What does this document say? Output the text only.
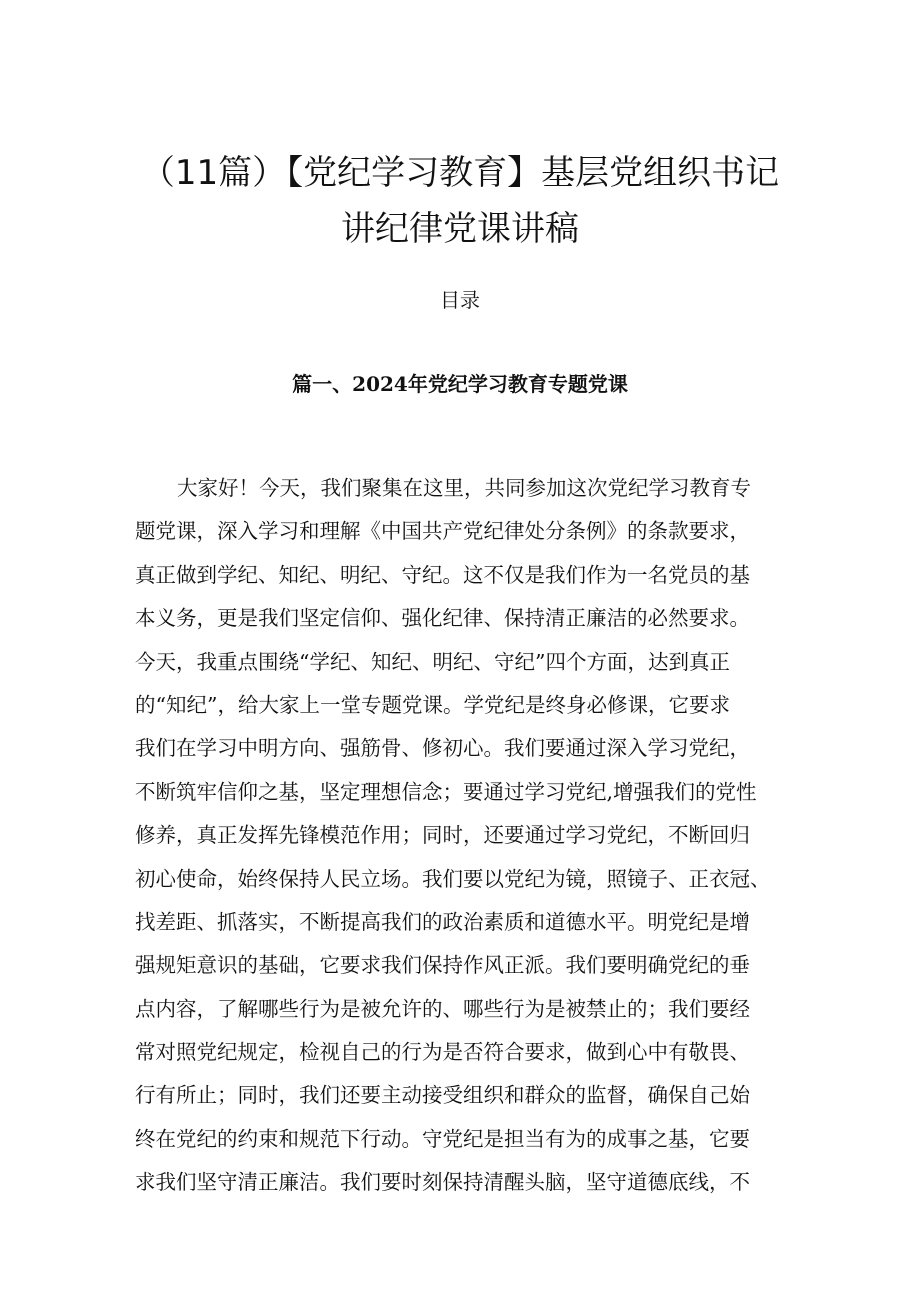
（11篇）【党纪学习教育】基层党组织书记
讲纪律党课讲稿
目录
篇一、2024年党纪学习教育专题党课
大家好！今天，我们聚集在这里，共同参加这次党纪学习教育专
题党课，深入学习和理解《中国共产党纪律处分条例》的条款要求，
真正做到学纪、知纪、明纪、守纪。这不仅是我们作为一名党员的基
本义务，更是我们坚定信仰、强化纪律、保持清正廉洁的必然要求。
今天，我重点围绕“学纪、知纪、明纪、守纪”四个方面，达到真正
的“知纪”，给大家上一堂专题党课。学党纪是终身必修课，它要求
我们在学习中明方向、强筋骨、修初心。我们要通过深入学习党纪，
不断筑牢信仰之基，坚定理想信念；要通过学习党纪,增强我们的党性
修养，真正发挥先锋模范作用；同时，还要通过学习党纪，不断回归
初心使命，始终保持人民立场。我们要以党纪为镜，照镜子、正衣冠、
找差距、抓落实，不断提高我们的政治素质和道德水平。明党纪是增
强规矩意识的基础，它要求我们保持作风正派。我们要明确党纪的垂
点内容，了解哪些行为是被允许的、哪些行为是被禁止的；我们要经
常对照党纪规定，检视自己的行为是否符合要求，做到心中有敬畏、
行有所止；同时，我们还要主动接受组织和群众的监督，确保自己始
终在党纪的约束和规范下行动。守党纪是担当有为的成事之基，它要
求我们坚守清正廉洁。我们要时刻保持清醒头脑，坚守道德底线，不
